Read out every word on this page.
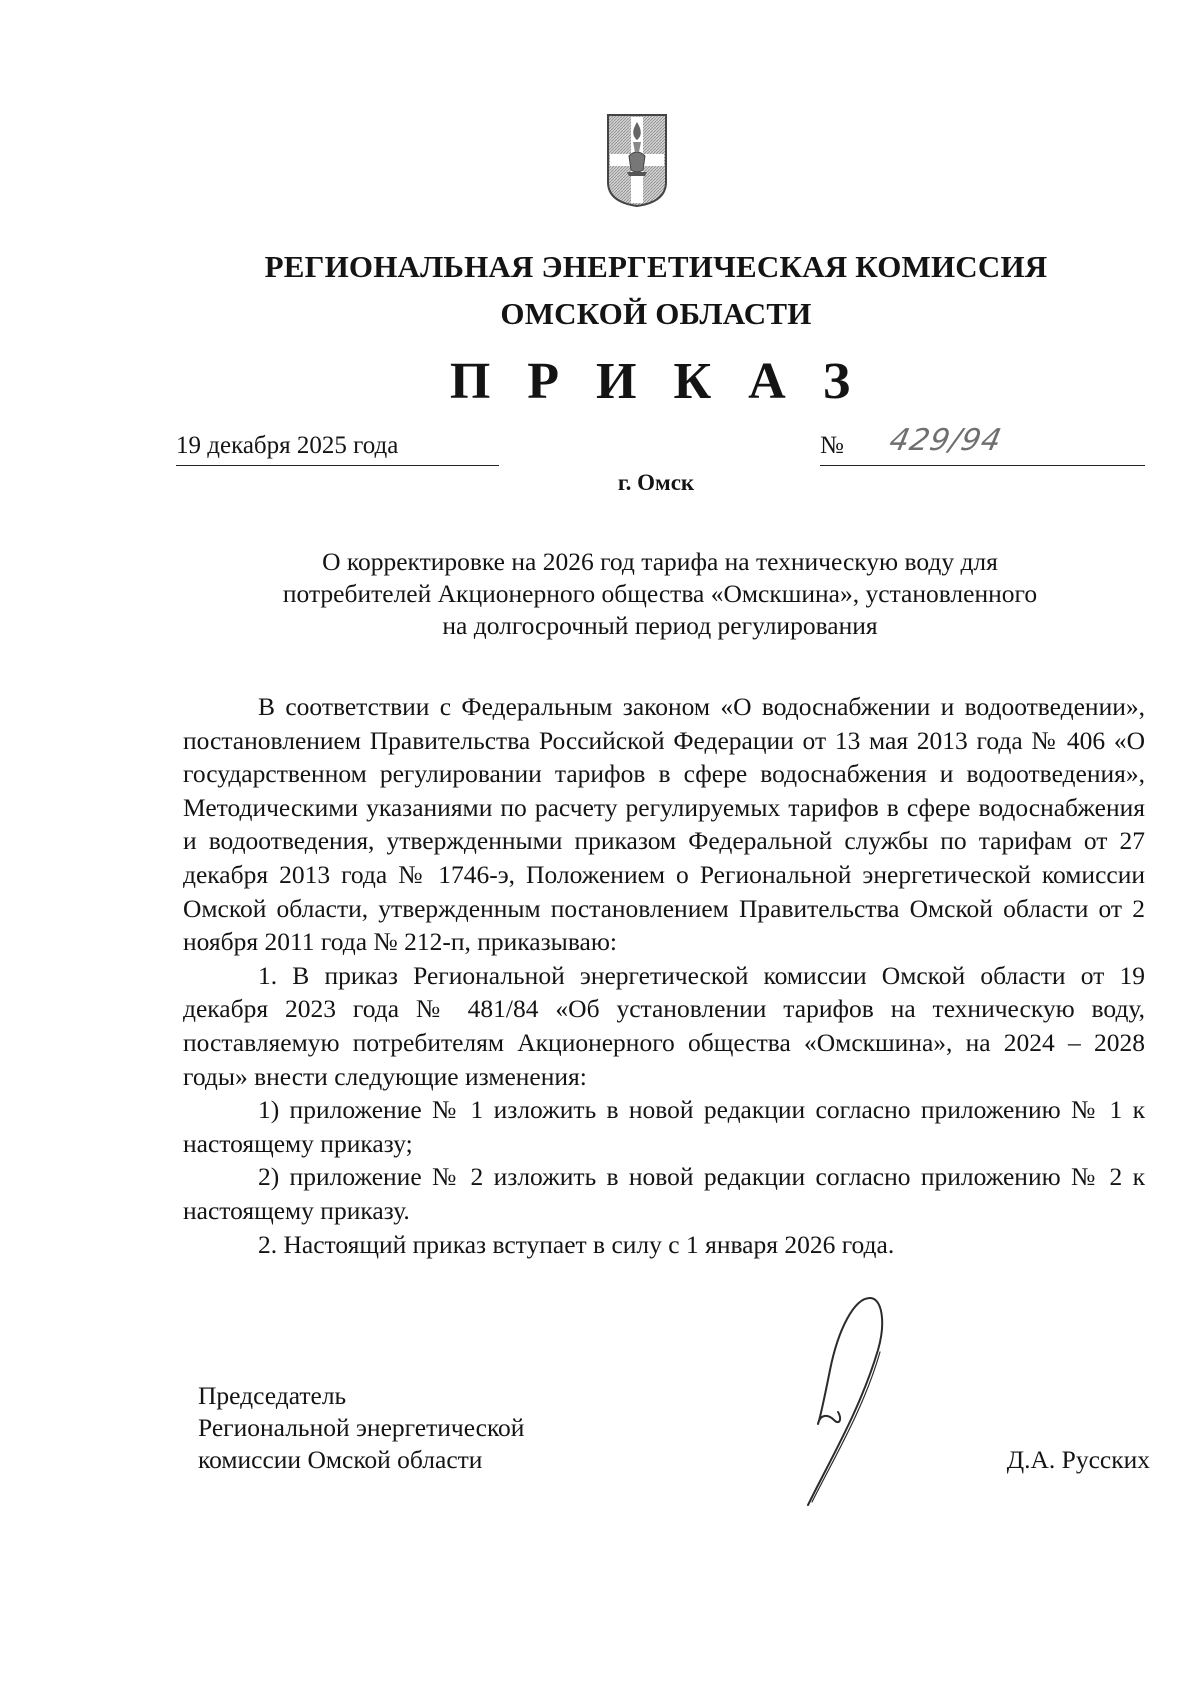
РЕГИОНАЛЬНАЯ ЭНЕРГЕТИЧЕСКАЯ КОМИССИЯ
ОМСКОЙ ОБЛАСТИ
П Р И К А З
19 декабря 2025 года	№ 429/94
г. Омск
О корректировке на 2026 год тарифа на техническую воду для
потребителей Акционерного общества «Омскшина», установленного
на долгосрочный период регулирования

В соответствии с Федеральным законом «О водоснабжении и водоотведении», постановлением Правительства Российской Федерации от 13 мая 2013 года № 406 «О государственном регулировании тарифов в сфере водоснабжения и водоотведения», Методическими указаниями по расчету регулируемых тарифов в сфере водоснабжения и водоотведения, утвержденными приказом Федеральной службы по тарифам от 27 декабря 2013 года № 1746-э, Положением о Региональной энергетической комиссии Омской области, утвержденным постановлением Правительства Омской области от 2 ноября 2011 года № 212-п, приказываю:

1. В приказ Региональной энергетической комиссии Омской области от 19 декабря 2023 года № 481/84 «Об установлении тарифов на техническую воду, поставляемую потребителям Акционерного общества «Омскшина», на 2024 – 2028 годы» внести следующие изменения:

1) приложение № 1 изложить в новой редакции согласно приложению № 1 к настоящему приказу;

2) приложение № 2 изложить в новой редакции согласно приложению № 2 к настоящему приказу.

2. Настоящий приказ вступает в силу с 1 января 2026 года.

Председатель
Региональной энергетической
комиссии Омской области	Д.А. Русских
